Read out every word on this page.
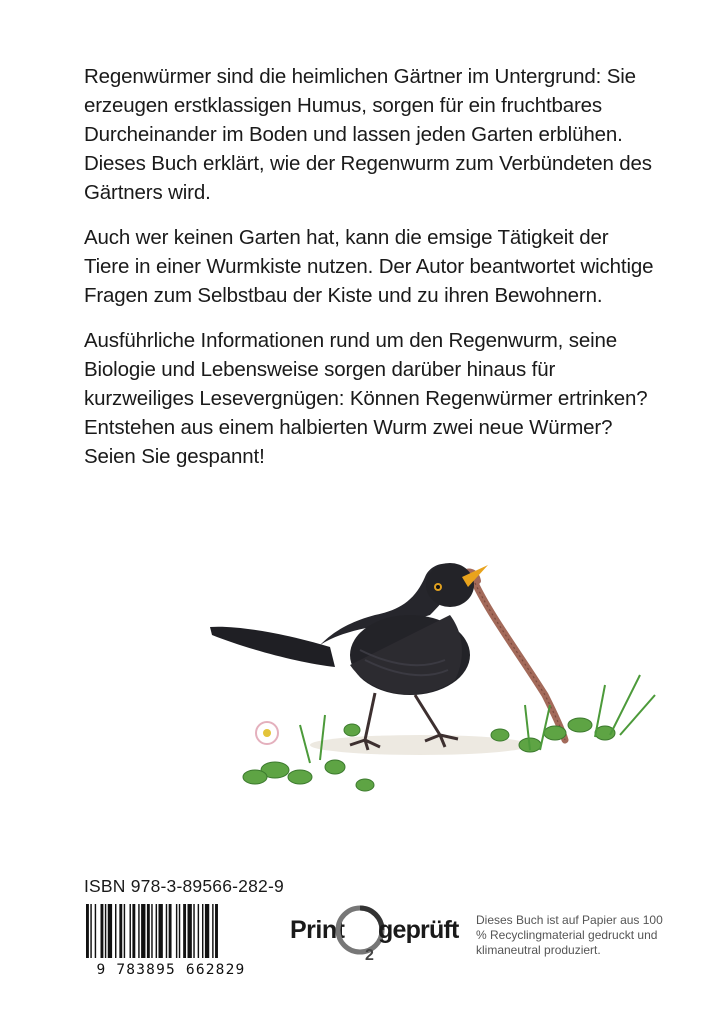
Regenwürmer sind die heimlichen Gärtner im Untergrund: Sie erzeugen erstklassigen Humus, sorgen für ein fruchtbares Durcheinander im Boden und lassen jeden Garten erblühen. Dieses Buch erklärt, wie der Regenwurm zum Verbündeten des Gärtners wird.

Auch wer keinen Garten hat, kann die emsige Tätigkeit der Tiere in einer Wurmkiste nutzen. Der Autor beantwortet wichtige Fragen zum Selbstbau der Kiste und zu ihren Bewohnern.

Ausführliche Informationen rund um den Regenwurm, seine Biologie und Lebensweise sorgen darüber hinaus für kurzweiliges Lesevergnügen: Können Regenwürmer ertrinken? Entstehen aus einem halbierten Wurm zwei neue Würmer? Seien Sie gespannt!

ISBN 978-3-89566-282-9
9 783895 662829
Print
2
geprüft Dieses Buch ist auf Papier aus 100 % Recyclingmaterial gedruckt und klimaneutral produziert.
